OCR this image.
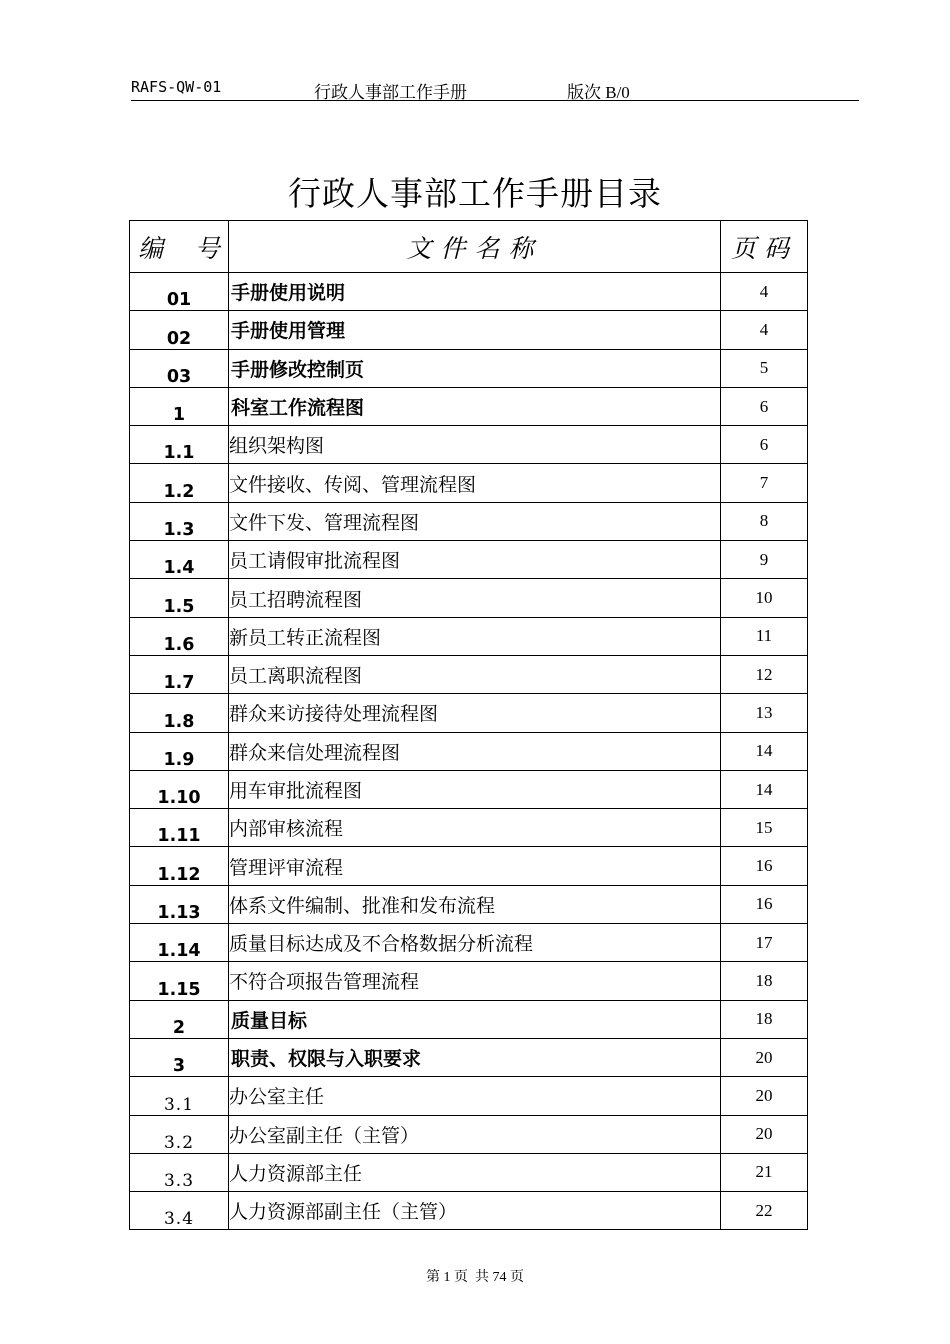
RAFS-QW-01	行政人事部工作手册	版次 B/0
行政人事部工作手册目录
编    号	文件名称	页码
01	手册使用说明	4
02	手册使用管理	4
03	手册修改控制页	5
1	科室工作流程图	6
1.1	组织架构图	6
1.2	文件接收、传阅、管理流程图	7
1.3	文件下发、管理流程图	8
1.4	员工请假审批流程图	9
1.5	员工招聘流程图	10
1.6	新员工转正流程图	11
1.7	员工离职流程图	12
1.8	群众来访接待处理流程图	13
1.9	群众来信处理流程图	14
1.10	用车审批流程图	14
1.11	内部审核流程	15
1.12	管理评审流程	16
1.13	体系文件编制、批准和发布流程	16
1.14	质量目标达成及不合格数据分析流程	17
1.15	不符合项报告管理流程	18
2	质量目标	18
3	职责、权限与入职要求	20
3.1	办公室主任	20
3.2	办公室副主任（主管）	20
3.3	人力资源部主任	21
3.4	人力资源部副主任（主管）	22
第 1 页  共 74 页
